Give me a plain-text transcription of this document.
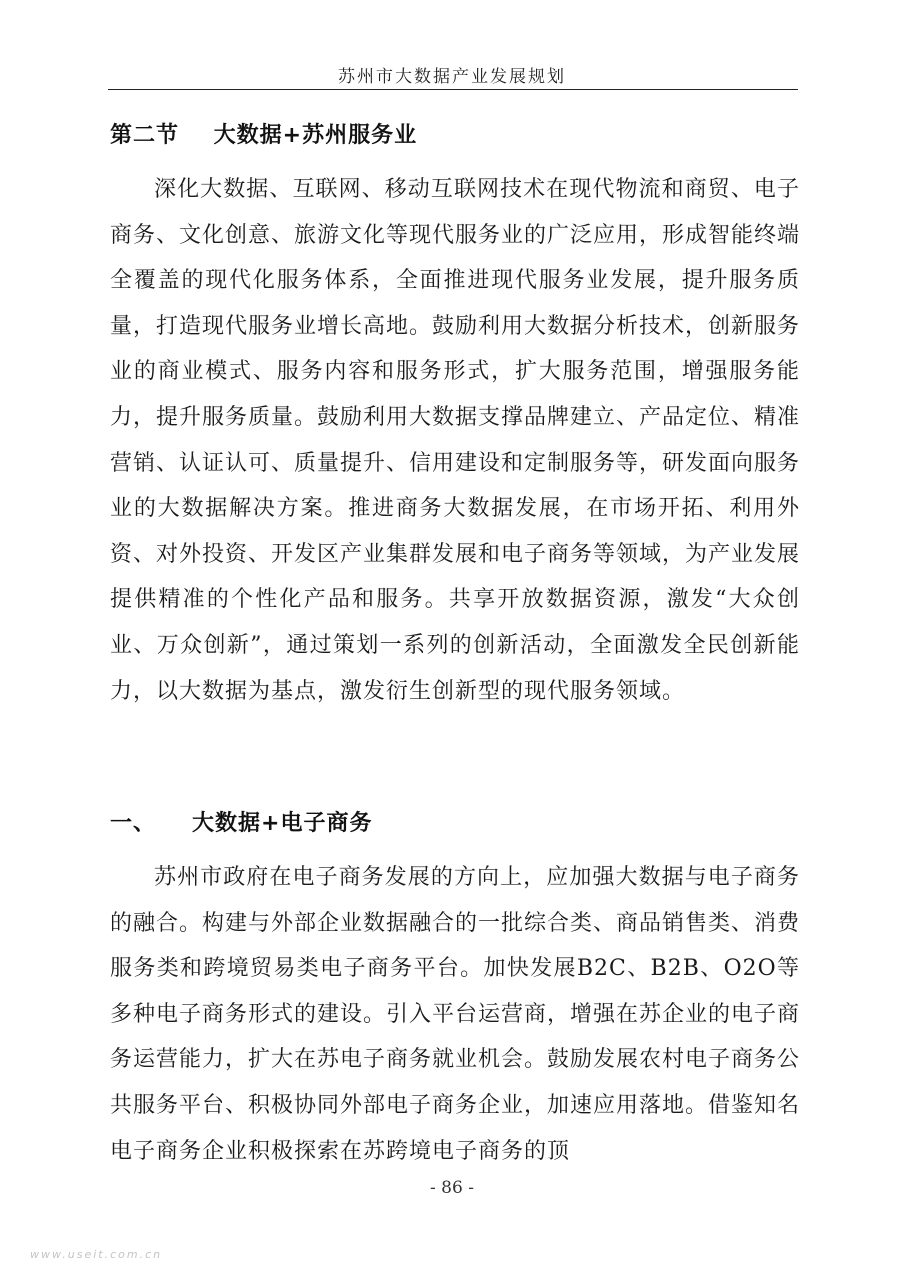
苏州市大数据产业发展规划
第二节    大数据+苏州服务业

深化大数据、互联网、移动互联网技术在现代物流和商贸、电子商务、文化创意、旅游文化等现代服务业的广泛应用，形成智能终端全覆盖的现代化服务体系，全面推进现代服务业发展，提升服务质量，打造现代服务业增长高地。鼓励利用大数据分析技术，创新服务业的商业模式、服务内容和服务形式，扩大服务范围，增强服务能力，提升服务质量。鼓励利用大数据支撑品牌建立、产品定位、精准营销、认证认可、质量提升、信用建设和定制服务等，研发面向服务业的大数据解决方案。推进商务大数据发展，在市场开拓、利用外资、对外投资、开发区产业集群发展和电子商务等领域，为产业发展提供精准的个性化产品和服务。共享开放数据资源，激发“大众创业、万众创新”，通过策划一系列的创新活动，全面激发全民创新能力，以大数据为基点，激发衍生创新型的现代服务领域。

一、 大数据+电子商务

苏州市政府在电子商务发展的方向上，应加强大数据与电子商务的融合。构建与外部企业数据融合的一批综合类、商品销售类、消费服务类和跨境贸易类电子商务平台。加快发展B2C、B2B、O2O等多种电子商务形式的建设。引入平台运营商，增强在苏企业的电子商务运营能力，扩大在苏电子商务就业机会。鼓励发展农村电子商务公共服务平台、积极协同外部电子商务企业，加速应用落地。借鉴知名电子商务企业积极探索在苏跨境电子商务的顶

- 86 -
www.useit.com.cn
